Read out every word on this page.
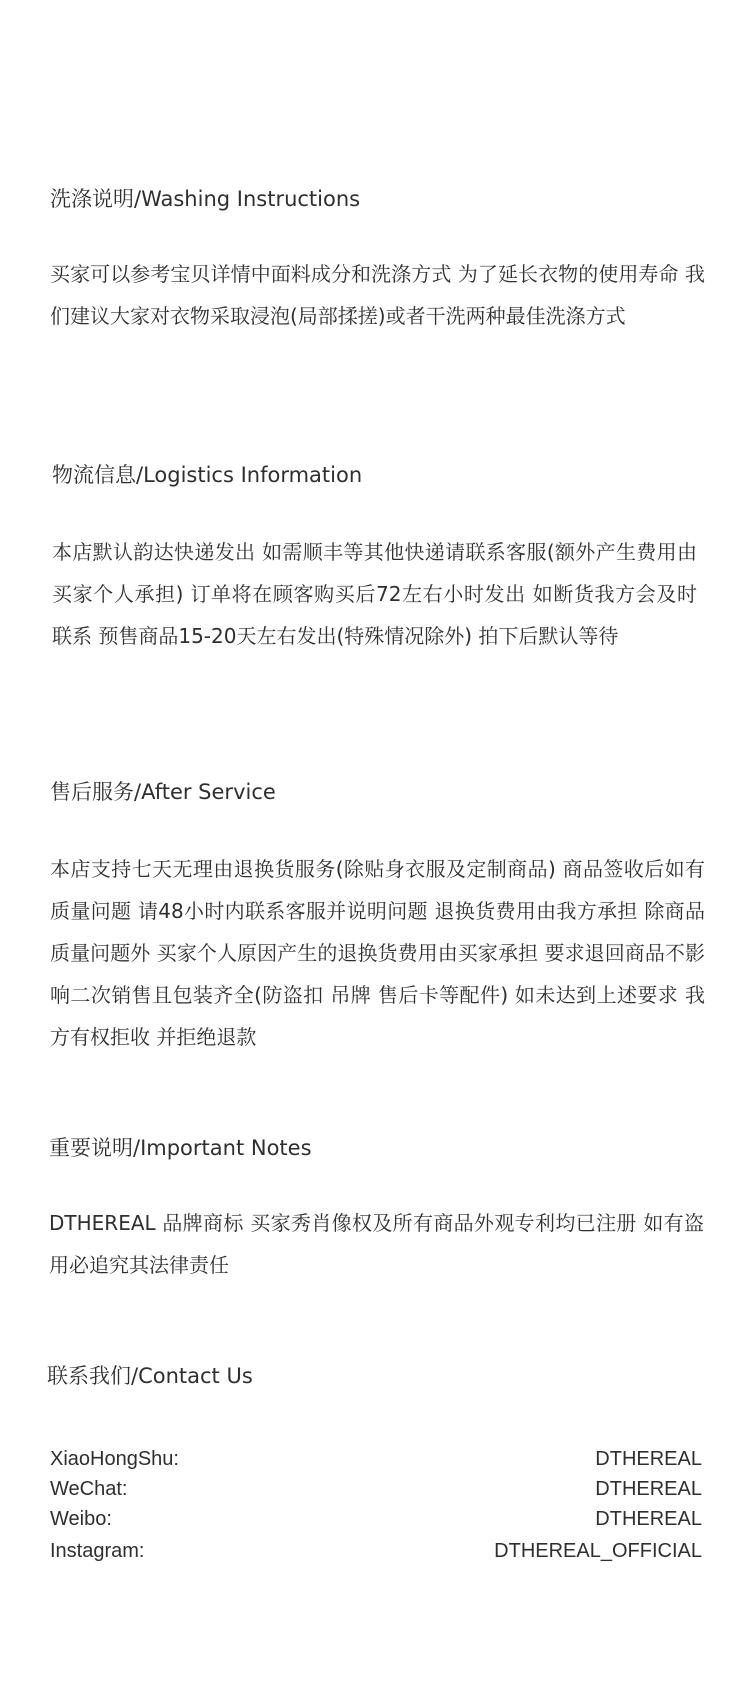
洗涤说明/Washing Instructions

买家可以参考宝贝详情中面料成分和洗涤方式 为了延长衣物的使用寿命 我们建议大家对衣物采取浸泡(局部揉搓)或者干洗两种最佳洗涤方式

物流信息/Logistics Information

本店默认韵达快递发出 如需顺丰等其他快递请联系客服(额外产生费用由买家个人承担) 订单将在顾客购买后72左右小时发出 如断货我方会及时联系 预售商品15-20天左右发出(特殊情况除外) 拍下后默认等待

售后服务/After Service

本店支持七天无理由退换货服务(除贴身衣服及定制商品) 商品签收后如有质量问题 请48小时内联系客服并说明问题 退换货费用由我方承担 除商品质量问题外 买家个人原因产生的退换货费用由买家承担 要求退回商品不影响二次销售且包装齐全(防盗扣 吊牌 售后卡等配件) 如未达到上述要求 我方有权拒收 并拒绝退款

重要说明/Important Notes

DTHEREAL 品牌商标 买家秀肖像权及所有商品外观专利均已注册 如有盗用必追究其法律责任

联系我们/Contact Us
XiaoHongShu:	DTHEREAL
WeChat:	DTHEREAL
Weibo:	DTHEREAL
Instagram:	DTHEREAL_OFFICIAL
